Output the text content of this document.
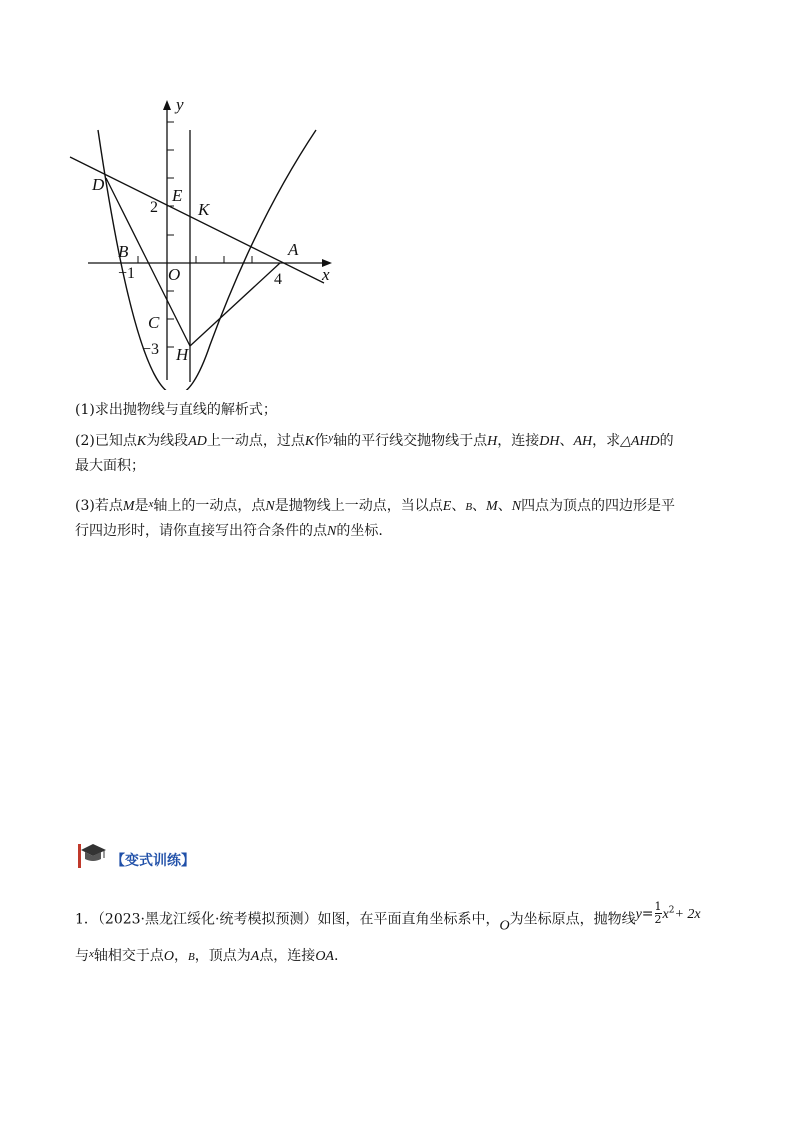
y
x
D
E
K
B
O
A
C
H
2
−1	4
−3
(1)求出抛物线与直线的解析式；
(2)已知点K为线段AD上一动点，过点K作$^y$轴的平行线交抛物线于点H，连接DH、AH，求△AHD的
最大面积；
(3)若点M是$^x$轴上的一动点，点N是抛物线上一动点，当以点E、B、M、N四点为顶点的四边形是平
行四边形时，请你直接写出符合条件的点N的坐标.
【变式训练】
1．（2023·黑龙江绥化·统考模拟预测）如图，在平面直角坐标系中，O为坐标原点，抛物线$y= \frac{1}{2} x^2+ 2x$
与$^x$轴相交于点O，B，顶点为A点，连接OA.
